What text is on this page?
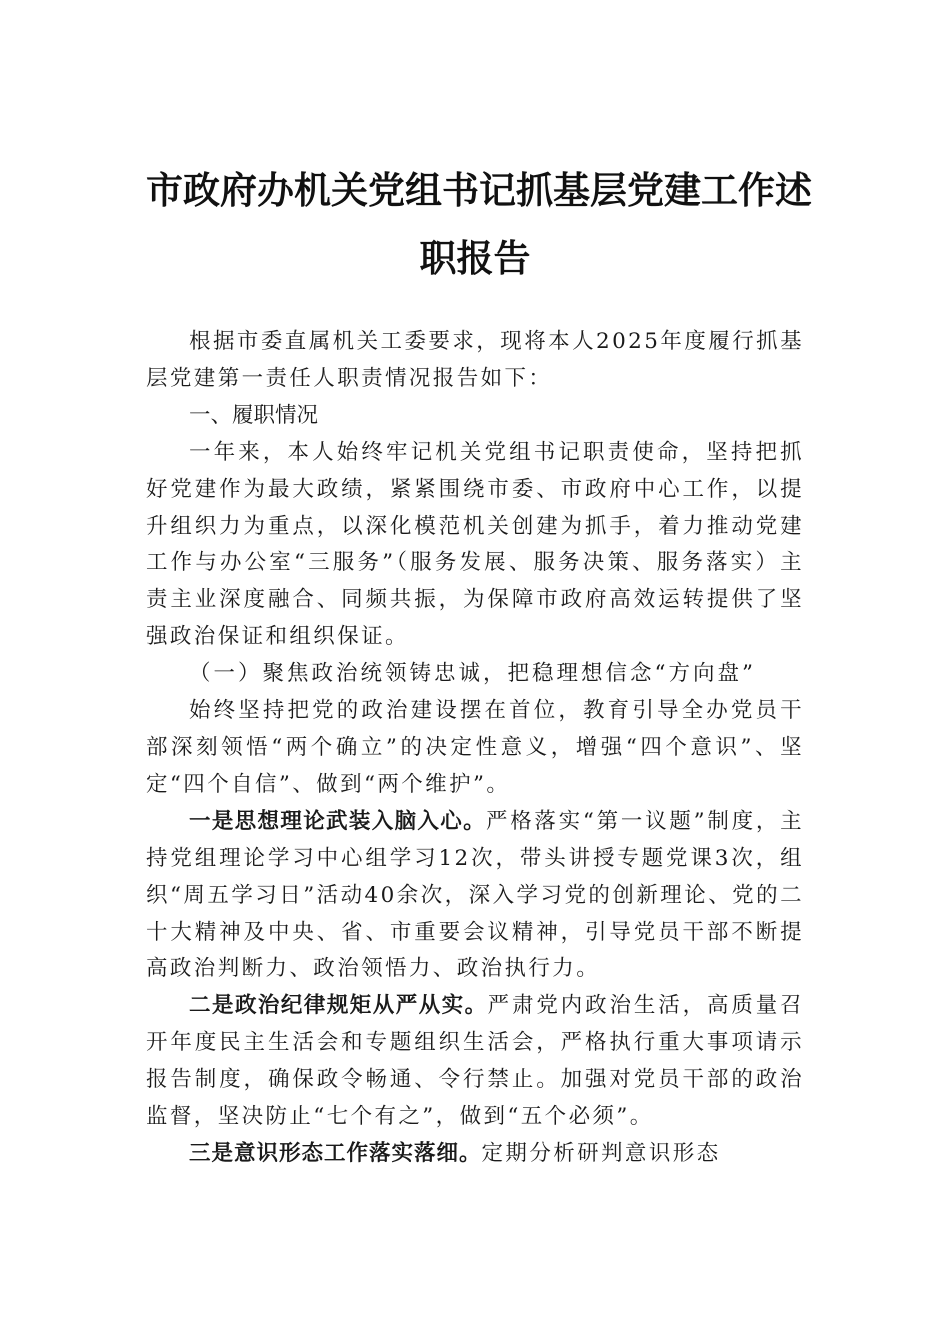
市政府办机关党组书记抓基层党建工作述
职报告

根据市委直属机关工委要求，现将本人2025年度履行抓基层党建第一责任人职责情况报告如下：

一、履职情况

一年来，本人始终牢记机关党组书记职责使命，坚持把抓好党建作为最大政绩，紧紧围绕市委、市政府中心工作，以提升组织力为重点，以深化模范机关创建为抓手，着力推动党建工作与办公室“三服务”（服务发展、服务决策、服务落实）主责主业深度融合、同频共振，为保障市政府高效运转提供了坚强政治保证和组织保证。

（一）聚焦政治统领铸忠诚，把稳理想信念“方向盘”

始终坚持把党的政治建设摆在首位，教育引导全办党员干部深刻领悟“两个确立”的决定性意义，增强“四个意识”、坚定“四个自信”、做到“两个维护”。

一是思想理论武装入脑入心。严格落实“第一议题”制度，主持党组理论学习中心组学习12次，带头讲授专题党课3次，组织“周五学习日”活动40余次，深入学习党的创新理论、党的二十大精神及中央、省、市重要会议精神，引导党员干部不断提高政治判断力、政治领悟力、政治执行力。

二是政治纪律规矩从严从实。严肃党内政治生活，高质量召开年度民主生活会和专题组织生活会，严格执行重大事项请示报告制度，确保政令畅通、令行禁止。加强对党员干部的政治监督，坚决防止“七个有之”，做到“五个必须”。

三是意识形态工作落实落细。定期分析研判意识形态
